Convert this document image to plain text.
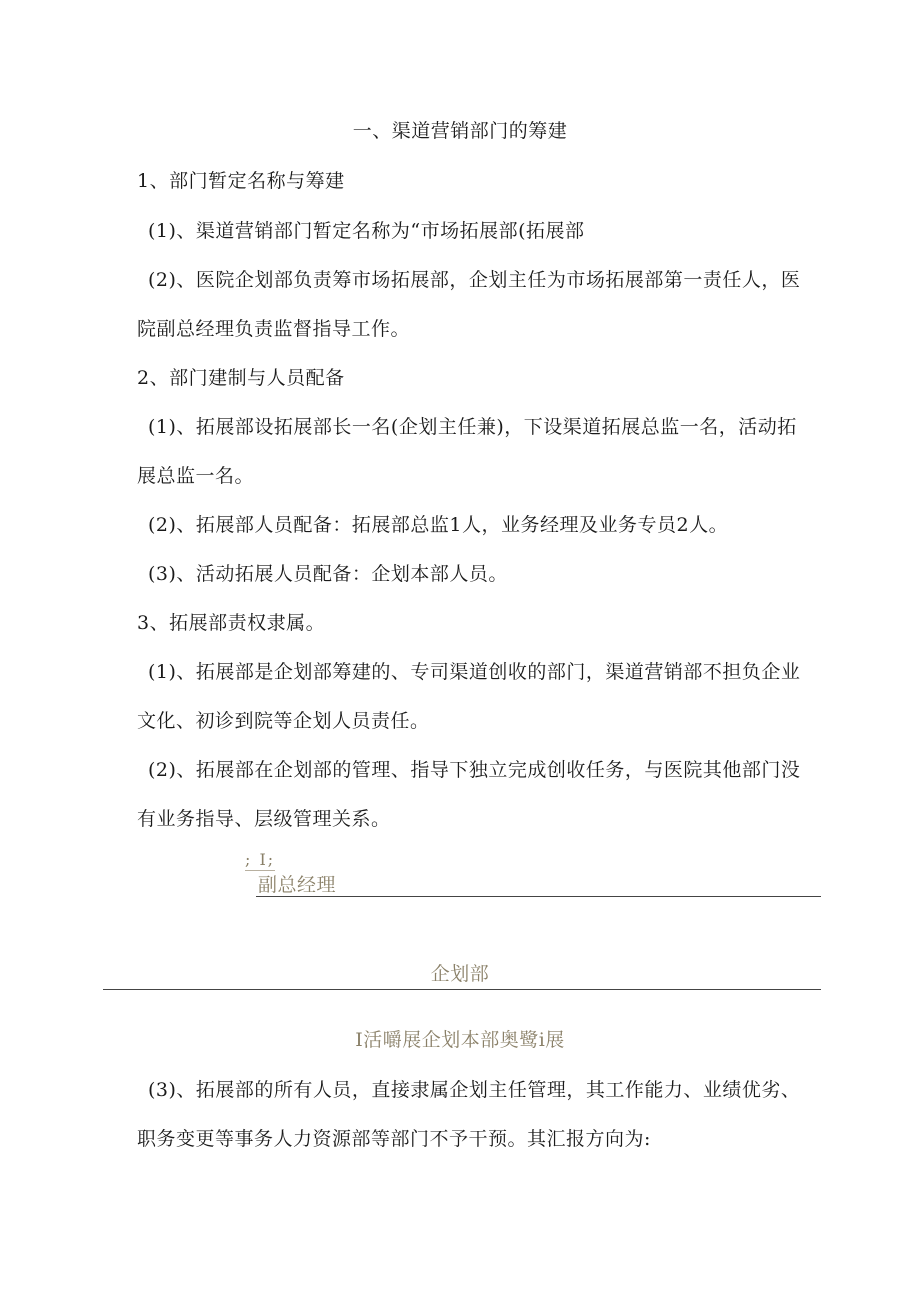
一、渠道营销部门的筹建
1、部门暂定名称与筹建
(1)、渠道营销部门暂定名称为“市场拓展部(拓展部
(2)、医院企划部负责筹市场拓展部，企划主任为市场拓展部第一责任人，医
院副总经理负责监督指导工作。
2、部门建制与人员配备
(1)、拓展部设拓展部长一名(企划主任兼)，下设渠道拓展总监一名，活动拓
展总监一名。
(2)、拓展部人员配备：拓展部总监1人，业务经理及业务专员2人。
(3)、活动拓展人员配备：企划本部人员。
3、拓展部责权隶属。
(1)、拓展部是企划部筹建的、专司渠道创收的部门，渠道营销部不担负企业
文化、初诊到院等企划人员责任。
(2)、拓展部在企划部的管理、指导下独立完成创收任务，与医院其他部门没
有业务指导、层级管理关系。
; I;
副总经理
企划部
I活嚼展企划本部奥鹭i展
(3)、拓展部的所有人员，直接隶属企划主任管理，其工作能力、业绩优劣、
职务变更等事务人力资源部等部门不予干预。其汇报方向为:
